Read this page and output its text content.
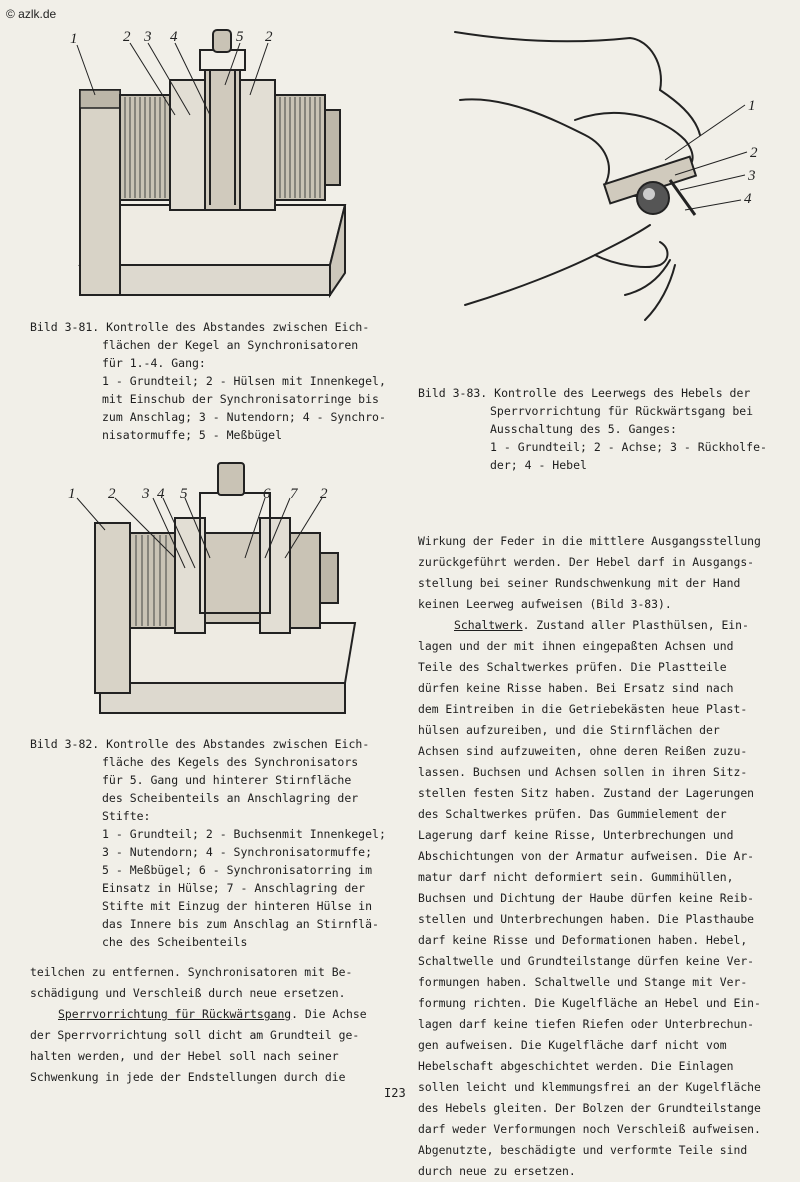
© azlk.de
1	2 3 4	5 2
Bild 3-81. Kontrolle des Abstandes zwischen Eich-
flächen der Kegel an Synchronisatoren
für 1.-4. Gang:
1 - Grundteil; 2 - Hülsen mit Innenkegel,
mit Einschub der Synchronisatorringe bis
zum Anschlag; 3 - Nutendorn; 4 - Synchro-
nisatormuffe; 5 - Meßbügel
1 2 3 4 5	6 7 2
Bild 3-82. Kontrolle des Abstandes zwischen Eich-
fläche des Kegels des Synchronisators
für 5. Gang und hinterer Stirnfläche
des Scheibenteils an Anschlagring der
Stifte:
1 - Grundteil; 2 - Buchsenmit Innenkegel;
3 - Nutendorn; 4 - Synchronisatormuffe;
5 - Meßbügel; 6 - Synchronisatorring im
Einsatz in Hülse; 7 - Anschlagring der
Stifte mit Einzug der hinteren Hülse in
das Innere bis zum Anschlag an Stirnflä-
che des Scheibenteils

teilchen zu entfernen. Synchronisatoren mit Be-

schädigung und Verschleiß durch neue ersetzen.

Sperrvorrichtung für Rückwärtsgang. Die Achse

der Sperrvorrichtung soll dicht am Grundteil ge-

halten werden, und der Hebel soll nach seiner

Schwenkung in jede der Endstellungen durch die

1
2
3
4
Bild 3-83. Kontrolle des Leerwegs des Hebels der
Sperrvorrichtung für Rückwärtsgang bei
Ausschaltung des 5. Ganges:
1 - Grundteil; 2 - Achse; 3 - Rückholfe-
der; 4 - Hebel

Wirkung der Feder in die mittlere Ausgangsstellung

zurückgeführt werden. Der Hebel darf in Ausgangs-

stellung bei seiner Rundschwenkung mit der Hand

keinen Leerweg aufweisen (Bild 3-83).

Schaltwerk. Zustand aller Plasthülsen, Ein-

lagen und der mit ihnen eingepaßten Achsen und

Teile des Schaltwerkes prüfen. Die Plastteile

dürfen keine Risse haben. Bei Ersatz sind nach

dem Eintreiben in die Getriebekästen heue Plast-

hülsen aufzureiben, und die Stirnflächen der

Achsen sind aufzuweiten, ohne deren Reißen zuzu-

lassen. Buchsen und Achsen sollen in ihren Sitz-

stellen festen Sitz haben. Zustand der Lagerungen

des Schaltwerkes prüfen. Das Gummielement der

Lagerung darf keine Risse, Unterbrechungen und

Abschichtungen von der Armatur aufweisen. Die Ar-

matur darf nicht deformiert sein. Gummihüllen,

Buchsen und Dichtung der Haube dürfen keine Reib-

stellen und Unterbrechungen haben. Die Plasthaube

darf keine Risse und Deformationen haben. Hebel,

Schaltwelle und Grundteilstange dürfen keine Ver-

formungen haben. Schaltwelle und Stange mit Ver-

formung richten. Die Kugelfläche an Hebel und Ein-

lagen darf keine tiefen Riefen oder Unterbrechun-

gen aufweisen. Die Kugelfläche darf nicht vom

Hebelschaft abgeschichtet werden. Die Einlagen

sollen leicht und klemmungsfrei an der Kugelfläche

des Hebels gleiten. Der Bolzen der Grundteilstange

darf weder Verformungen noch Verschleiß aufweisen.

Abgenutzte, beschädigte und verformte Teile sind

durch neue zu ersetzen.

I23
